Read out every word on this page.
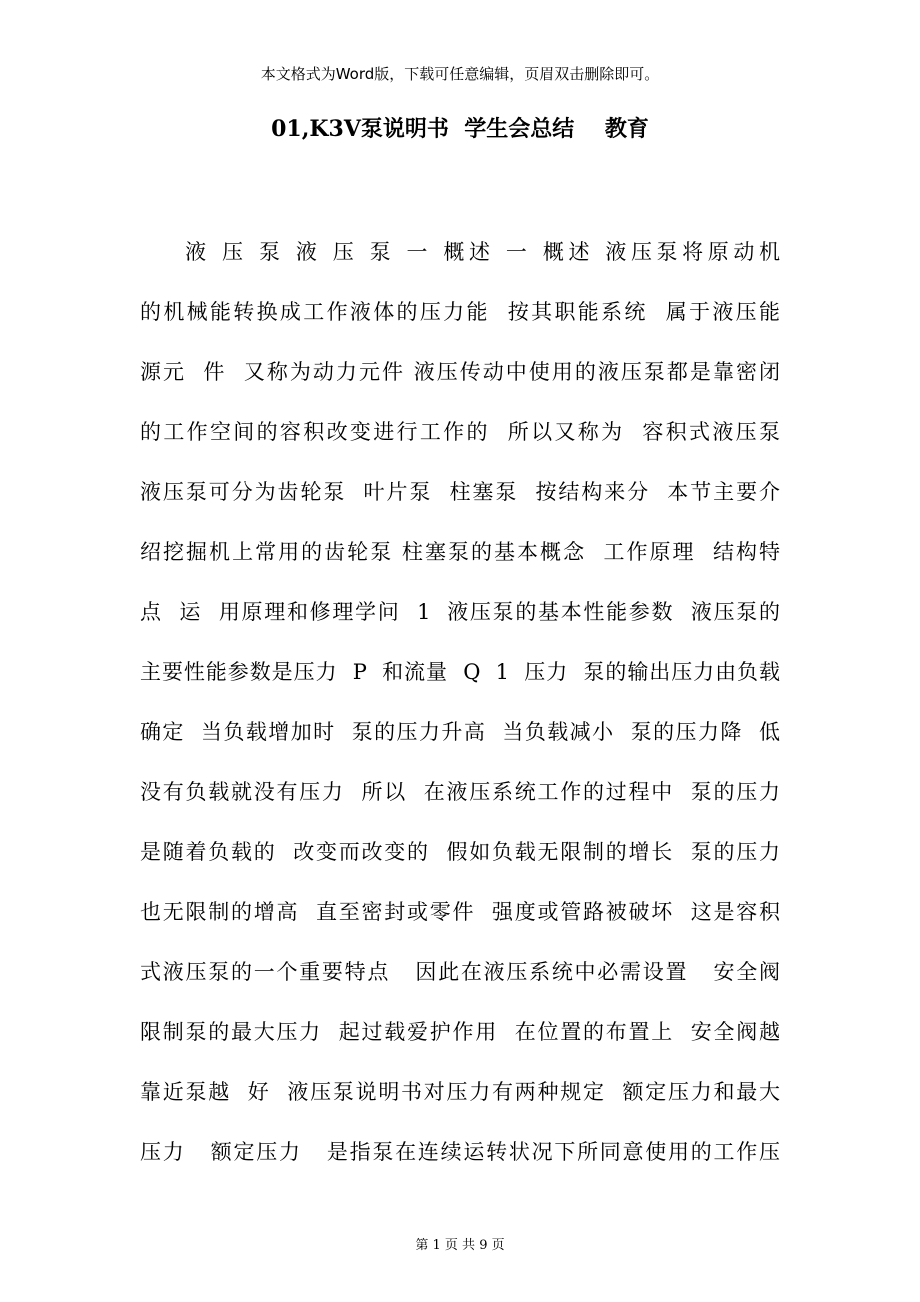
本文格式为Word版，下载可任意编辑，页眉双击删除即可。
01,K3V泵说明书  学生会总结    教育
液 压 泵 液 压 泵 一 概述 一 概述 液压泵将原动机
的机械能转换成工作液体的压力能  按其职能系统  属于液压能
源元  件  又称为动力元件 液压传动中使用的液压泵都是靠密闭
的工作空间的容积改变进行工作的  所以又称为  容积式液压泵
液压泵可分为齿轮泵  叶片泵  柱塞泵  按结构来分  本节主要介
绍挖掘机上常用的齿轮泵 柱塞泵的基本概念  工作原理  结构特
点  运  用原理和修理学问  1  液压泵的基本性能参数  液压泵的
主要性能参数是压力  P  和流量  Q  1  压力  泵的输出压力由负载
确定  当负载增加时  泵的压力升高  当负载减小  泵的压力降  低
没有负载就没有压力  所以  在液压系统工作的过程中  泵的压力
是随着负载的  改变而改变的  假如负载无限制的增长  泵的压力
也无限制的增高  直至密封或零件  强度或管路被破坏  这是容积
式液压泵的一个重要特点   因此在液压系统中必需设置   安全阀
限制泵的最大压力  起过载爱护作用  在位置的布置上  安全阀越
靠近泵越  好  液压泵说明书对压力有两种规定  额定压力和最大
压力   额定压力   是指泵在连续运转状况下所同意使用的工作压
第 1 页 共 9 页
